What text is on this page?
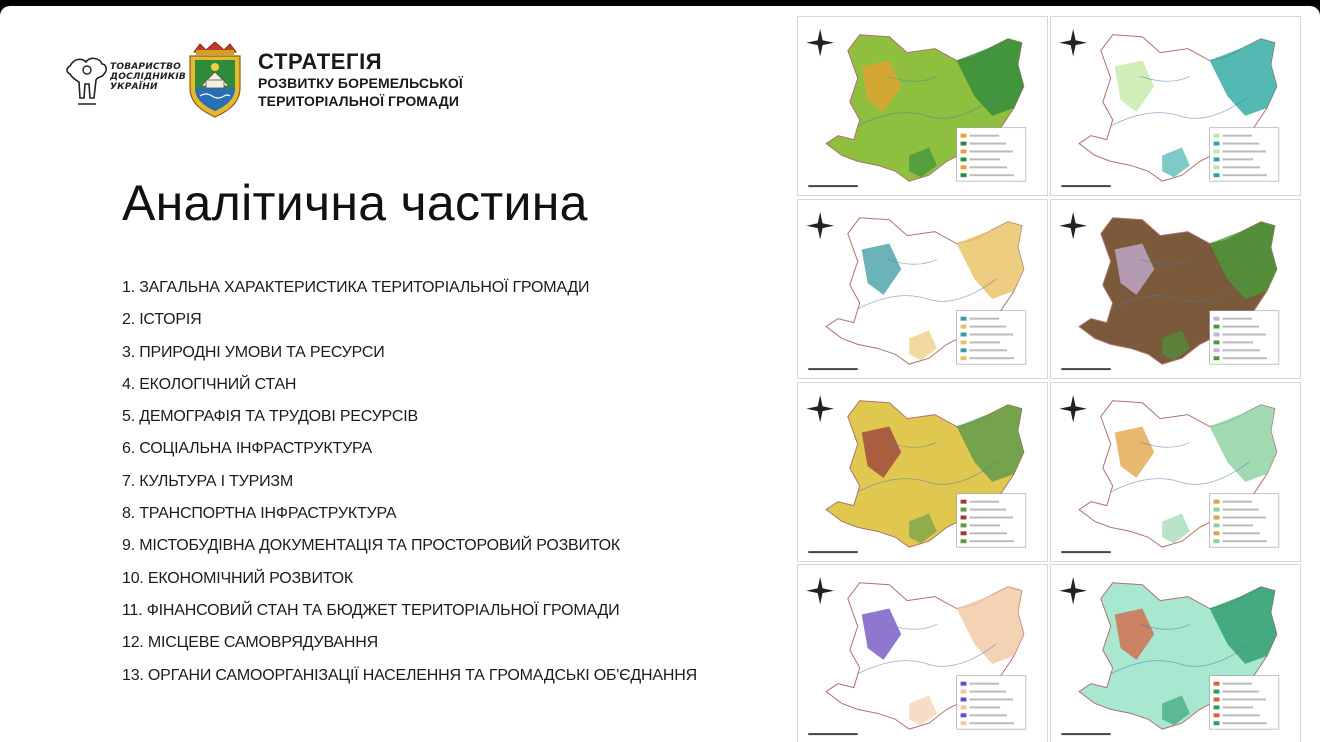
ТОВАРИСТВО
ДОСЛІДНИКІВ
УКРАЇНИ
СТРАТЕГІЯ
РОЗВИТКУ БОРЕМЕЛЬСЬКОЇ
ТЕРИТОРІАЛЬНОЇ ГРОМАДИ
Аналітична частина
1. ЗАГАЛЬНА ХАРАКТЕРИСТИКА ТЕРИТОРІАЛЬНОЇ ГРОМАДИ
2. ІСТОРІЯ
3. ПРИРОДНІ УМОВИ ТА РЕСУРСИ
4. ЕКОЛОГІЧНИЙ СТАН
5. ДЕМОГРАФІЯ ТА ТРУДОВІ РЕСУРСІВ
6. СОЦІАЛЬНА ІНФРАСТРУКТУРА
7. КУЛЬТУРА І ТУРИЗМ
8. ТРАНСПОРТНА ІНФРАСТРУКТУРА
9. МІСТОБУДІВНА ДОКУМЕНТАЦІЯ ТА ПРОСТОРОВИЙ РОЗВИТОК
10. ЕКОНОМІЧНИЙ РОЗВИТОК
11. ФІНАНСОВИЙ СТАН ТА БЮДЖЕТ ТЕРИТОРІАЛЬНОЇ ГРОМАДИ
12. МІСЦЕВЕ САМОВРЯДУВАННЯ
13. ОРГАНИ САМООРГАНІЗАЦІЇ НАСЕЛЕННЯ ТА ГРОМАДСЬКІ ОБ'ЄДНАННЯ
